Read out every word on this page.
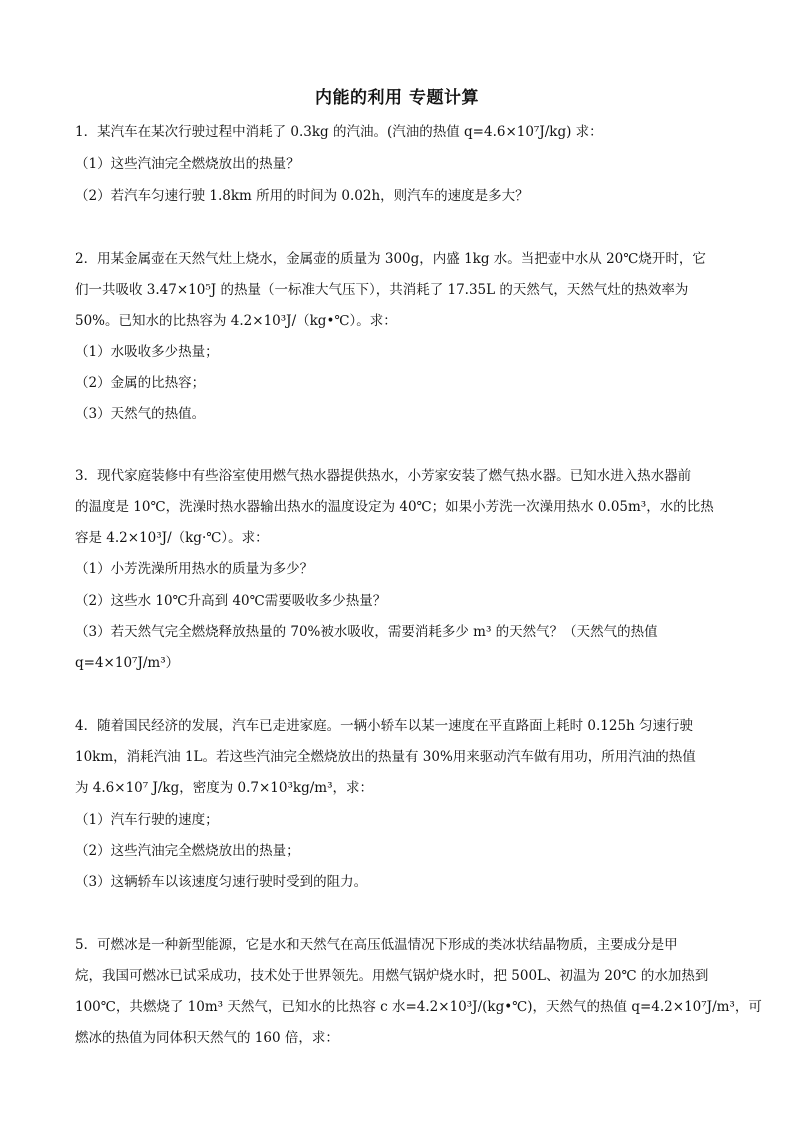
内能的利用 专题计算
1．某汽车在某次行驶过程中消耗了 0.3kg 的汽油。(汽油的热值 q=4.6×10⁷J/kg) 求：
（1）这些汽油完全燃烧放出的热量？
（2）若汽车匀速行驶 1.8km 所用的时间为 0.02h，则汽车的速度是多大？
2．用某金属壶在天然气灶上烧水，金属壶的质量为 300g，内盛 1kg 水。当把壶中水从 20℃烧开时，它
们一共吸收 3.47×10⁵J 的热量（一标准大气压下），共消耗了 17.35L 的天然气，天然气灶的热效率为
50%。已知水的比热容为 4.2×10³J/（kg•℃）。求：
（1）水吸收多少热量；
（2）金属的比热容；
（3）天然气的热值。
3．现代家庭装修中有些浴室使用燃气热水器提供热水，小芳家安装了燃气热水器。已知水进入热水器前
的温度是 10℃，洗澡时热水器输出热水的温度设定为 40℃；如果小芳洗一次澡用热水 0.05m³，水的比热
容是 4.2×10³J/（kg·℃）。求：
（1）小芳洗澡所用热水的质量为多少？
（2）这些水 10℃升高到 40℃需要吸收多少热量？
（3）若天然气完全燃烧释放热量的 70%被水吸收，需要消耗多少 m³ 的天然气？（天然气的热值
q=4×10⁷J/m³）
4．随着国民经济的发展，汽车已走进家庭。一辆小轿车以某一速度在平直路面上耗时 0.125h 匀速行驶
10km，消耗汽油 1L。若这些汽油完全燃烧放出的热量有 30%用来驱动汽车做有用功，所用汽油的热值
为 4.6×10⁷ J/kg，密度为 0.7×10³kg/m³，求：
（1）汽车行驶的速度；
（2）这些汽油完全燃烧放出的热量；
（3）这辆轿车以该速度匀速行驶时受到的阻力。
5．可燃冰是一种新型能源，它是水和天然气在高压低温情况下形成的类冰状结晶物质，主要成分是甲
烷，我国可燃冰已试采成功，技术处于世界领先。用燃气锅炉烧水时，把 500L、初温为 20℃ 的水加热到
100℃，共燃烧了 10m³ 天然气，已知水的比热容 c 水=4.2×10³J/(kg•℃)，天然气的热值 q=4.2×10⁷J/m³，可
燃冰的热值为同体积天然气的 160 倍，求：
